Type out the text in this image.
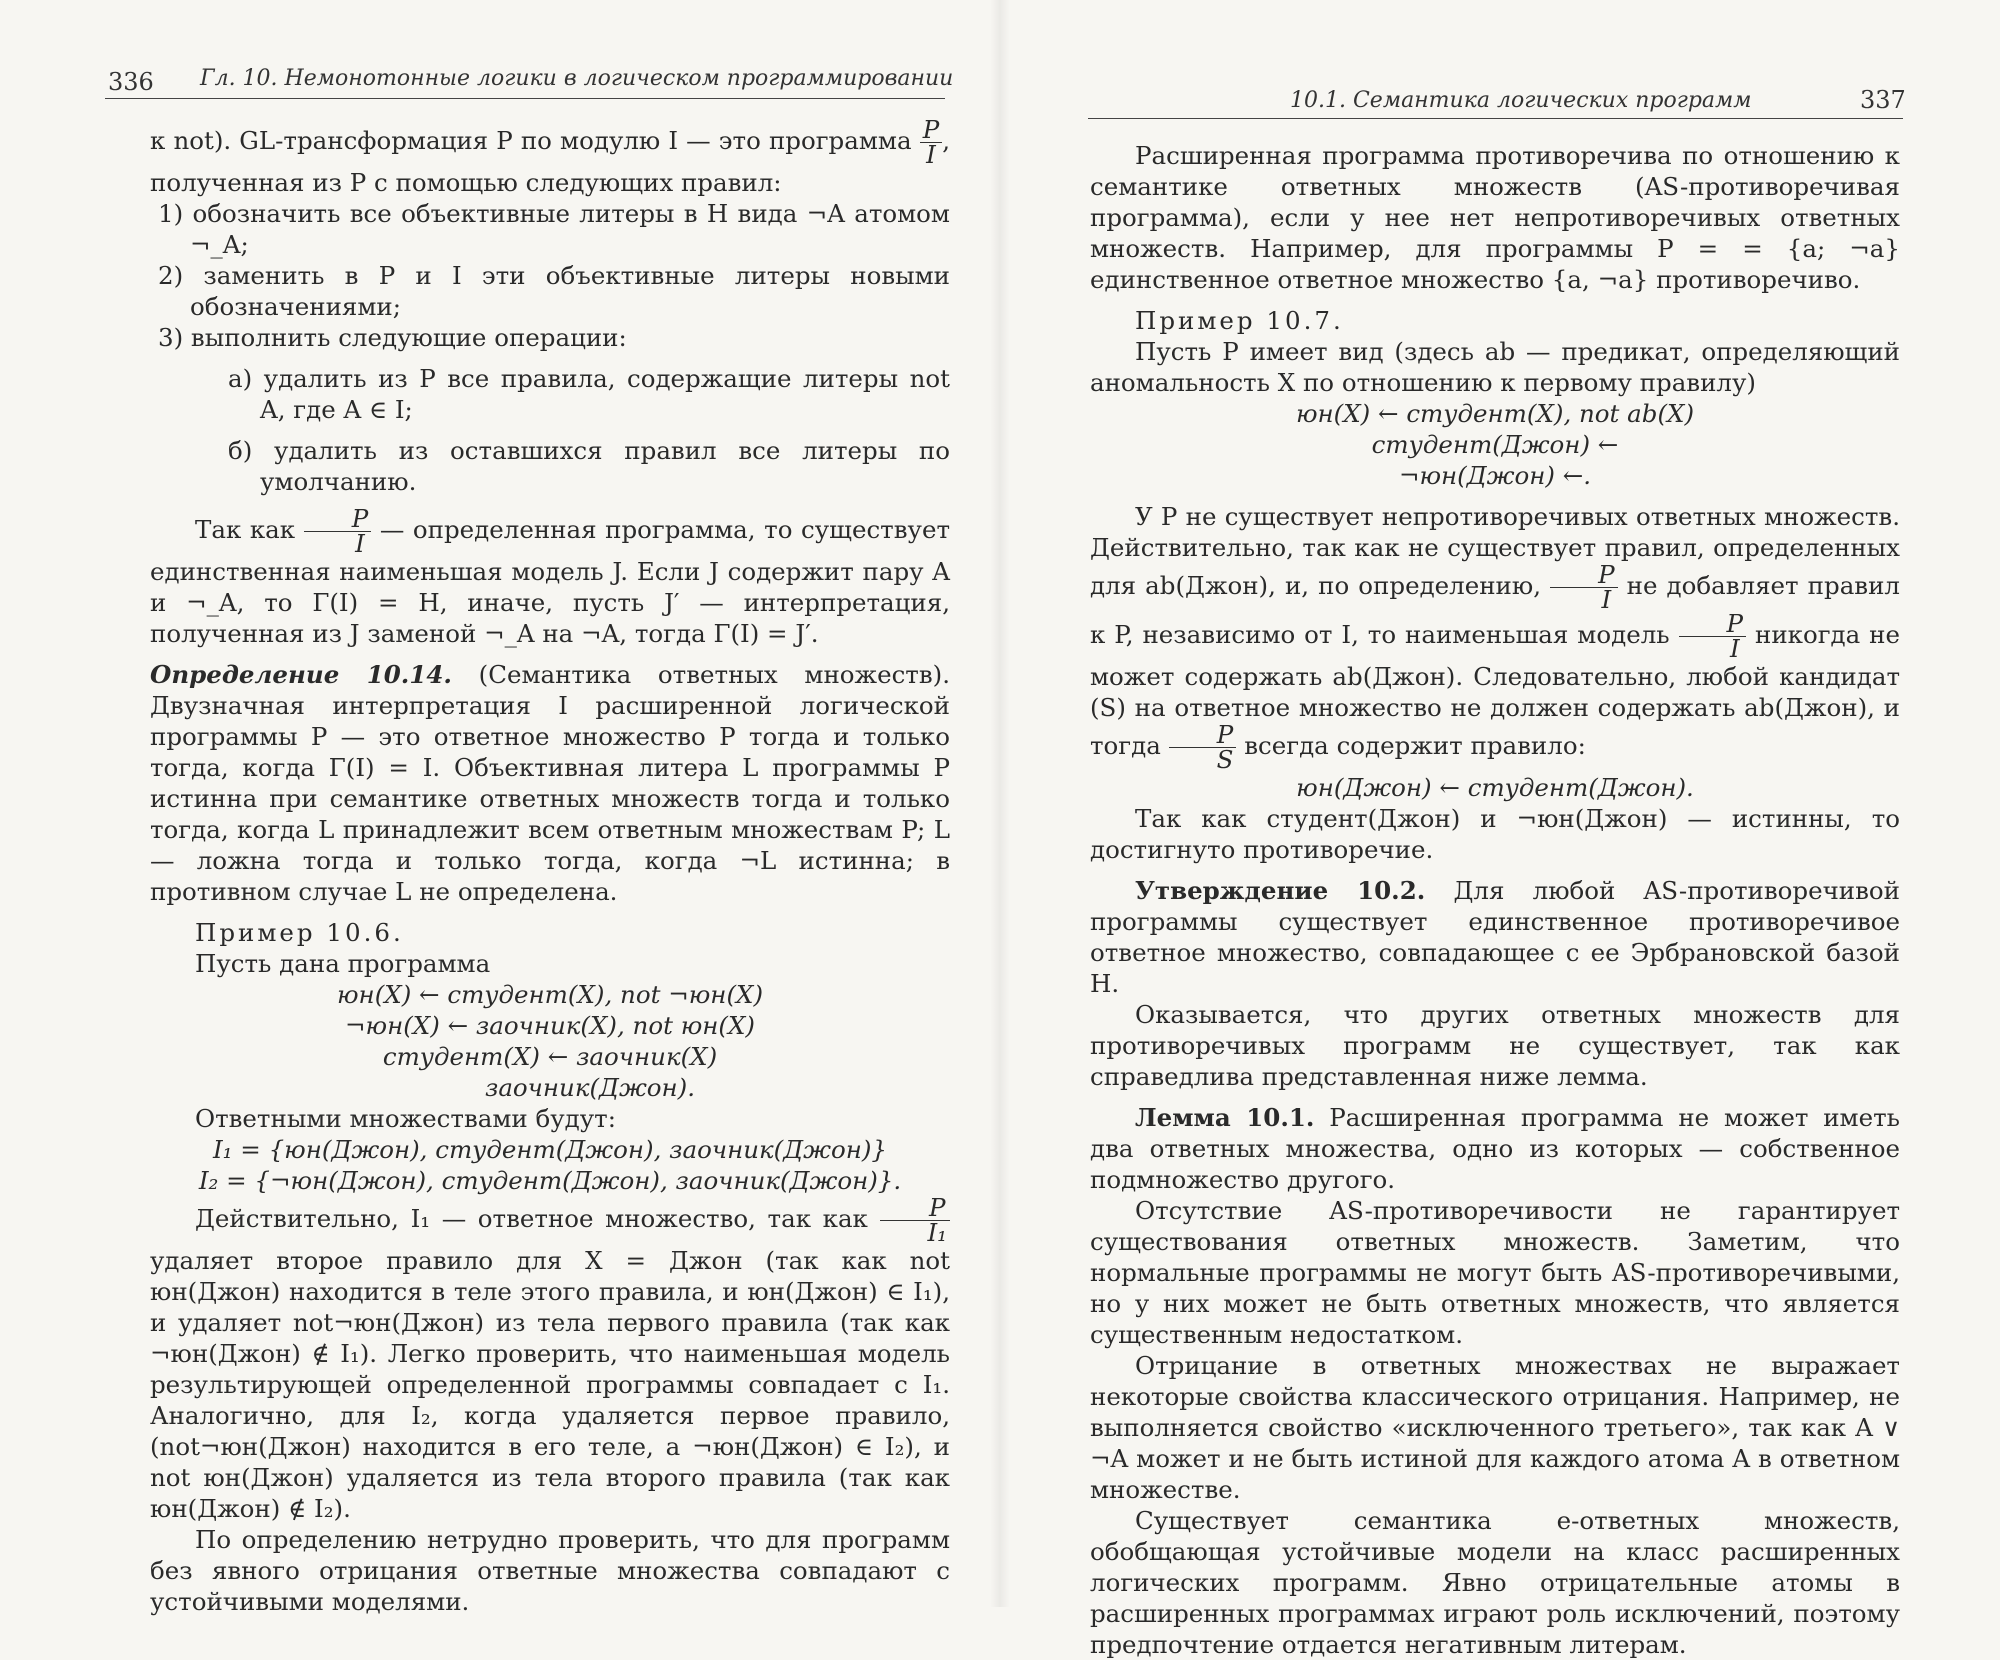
336 Гл. 10. Немонотонные логики в логическом программировании

к not). GL-трансформация P по модулю I — это программа $\frac{P}{I}$ , полученная из P с помощью следующих правил:

1) обозначить все объективные литеры в H вида ¬A атомом ¬_A;

2) заменить в P и I эти объективные литеры новыми обозначениями;

3) выполнить следующие операции:

а) удалить из P все правила, содержащие литеры not A, где A ∈ I;

б) удалить из оставшихся правил все литеры по умолчанию.

Так как $\frac{P}{I}$ — определенная программа, то существует единственная наименьшая модель J. Если J содержит пару A и ¬_A, то Γ(I) = H, иначе, пусть J′ — интерпретация, полученная из J заменой ¬_A на ¬A, тогда Γ(I) = J′.

Определение 10.14. (Семантика ответных множеств). Двузначная интерпретация I расширенной логической программы P — это ответное множество P тогда и только тогда, когда Γ(I) = I. Объективная литера L программы P истинна при семантике ответных множеств тогда и только тогда, когда L принадлежит всем ответным множествам P; L — ложна тогда и только тогда, когда ¬L истинна; в противном случае L не определена.

Пример 10.6.

Пусть дана программа

юн(X) ← студент(X), not ¬юн(X)

¬юн(X) ← заочник(X), not юн(X)

студент(X) ← заочник(X)

заочник(Джон).

Ответными множествами будут:

I₁ = {юн(Джон), студент(Джон), заочник(Джон)}

I₂ = {¬юн(Джон), студент(Джон), заочник(Джон)}.

Действительно, I₁ — ответное множество, так как $\frac{P}{\text{I₁}}$
удаляет второе правило для X = Джон (так как not юн(Джон) находится в теле этого правила, и юн(Джон) ∈ I₁), и удаляет not¬юн(Джон) из тела первого правила (так как ¬юн(Джон) ∉ I₁). Легко проверить, что наименьшая модель результирующей определенной программы совпадает с I₁. Аналогично, для I₂, когда удаляется первое правило, (not¬юн(Джон) находится в его теле, а ¬юн(Джон) ∈ I₂), и not юн(Джон) удаляется из тела второго правила (так как юн(Джон) ∉ I₂).

По определению нетрудно проверить, что для программ без явного отрицания ответные множества совпадают с устойчивыми моделями.

10.1. Семантика логических программ	337

Расширенная программа противоречива по отношению к семантике ответных множеств (AS-противоречивая программа), если у нее нет непротиворечивых ответных множеств. Например, для программы P = = {a; ¬a} единственное ответное множество {a, ¬a} противоречиво.

Пример 10.7.

Пусть P имеет вид (здесь ab — предикат, определяющий аномальность X по отношению к первому правилу)

юн(X) ← студент(X), not ab(X)

студент(Джон) ←

¬юн(Джон) ←.

У P не существует непротиворечивых ответных множеств. Действительно, так как не существует правил, определенных для ab(Джон), и, по определению, $\frac{P}{I}$ не добавляет правил к P, независимо от I, то наименьшая модель $\frac{P}{I}$ никогда не может содержать ab(Джон). Следовательно, любой кандидат (S) на ответное множество не должен содержать ab(Джон), и тогда $\frac{P}{S}$ всегда содержит правило:

юн(Джон) ← студент(Джон).

Так как студент(Джон) и ¬юн(Джон) — истинны, то достигнуто противоречие.

Утверждение 10.2. Для любой AS-противоречивой программы существует единственное противоречивое ответное множество, совпадающее с ее Эрбрановской базой H.

Оказывается, что других ответных множеств для противоречивых программ не существует, так как справедлива представленная ниже лемма.

Лемма 10.1. Расширенная программа не может иметь два ответных множества, одно из которых — собственное подмножество другого.

Отсутствие AS-противоречивости не гарантирует существования ответных множеств. Заметим, что нормальные программы не могут быть AS-противоречивыми, но у них может не быть ответных множеств, что является существенным недостатком.

Отрицание в ответных множествах не выражает некоторые свойства классического отрицания. Например, не выполняется свойство «исключенного третьего», так как A ∨ ¬A может и не быть истиной для каждого атома A в ответном множестве.

Существует семантика e-ответных множеств, обобщающая устойчивые модели на класс расширенных логических программ. Явно отрицательные атомы в расширенных программах играют роль исключений, поэтому предпочтение отдается негативным литерам.
